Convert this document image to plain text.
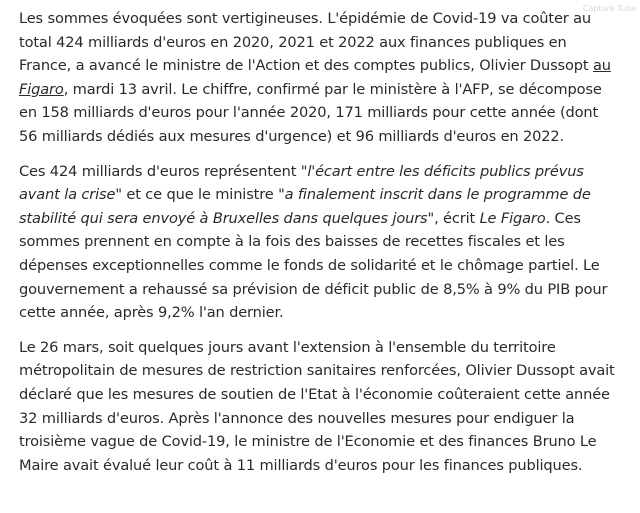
Capture Tube

Les sommes évoquées sont vertigineuses. L'épidémie de Covid-19 va coûter au total 424 milliards d'euros en 2020, 2021 et 2022 aux finances publiques en France, a avancé le ministre de l'Action et des comptes publics, Olivier Dussopt au Figaro, mardi 13 avril. Le chiffre, confirmé par le ministère à l'AFP, se décompose en 158 milliards d'euros pour l'année 2020, 171 milliards pour cette année (dont 56 milliards dédiés aux mesures d'urgence) et 96 milliards d'euros en 2022.

Ces 424 milliards d'euros représentent "l'écart entre les déficits publics prévus avant la crise" et ce que le ministre "a finalement inscrit dans le programme de stabilité qui sera envoyé à Bruxelles dans quelques jours", écrit Le Figaro. Ces sommes prennent en compte à la fois des baisses de recettes fiscales et les dépenses exceptionnelles comme le fonds de solidarité et le chômage partiel. Le gouvernement a rehaussé sa prévision de déficit public de 8,5% à 9% du PIB pour cette année, après 9,2% l'an dernier.

Le 26 mars, soit quelques jours avant l'extension à l'ensemble du territoire métropolitain de mesures de restriction sanitaires renforcées, Olivier Dussopt avait déclaré que les mesures de soutien de l'Etat à l'économie coûteraient cette année 32 milliards d'euros. Après l'annonce des nouvelles mesures pour endiguer la troisième vague de Covid-19, le ministre de l'Economie et des finances Bruno Le Maire avait évalué leur coût à 11 milliards d'euros pour les finances publiques.
